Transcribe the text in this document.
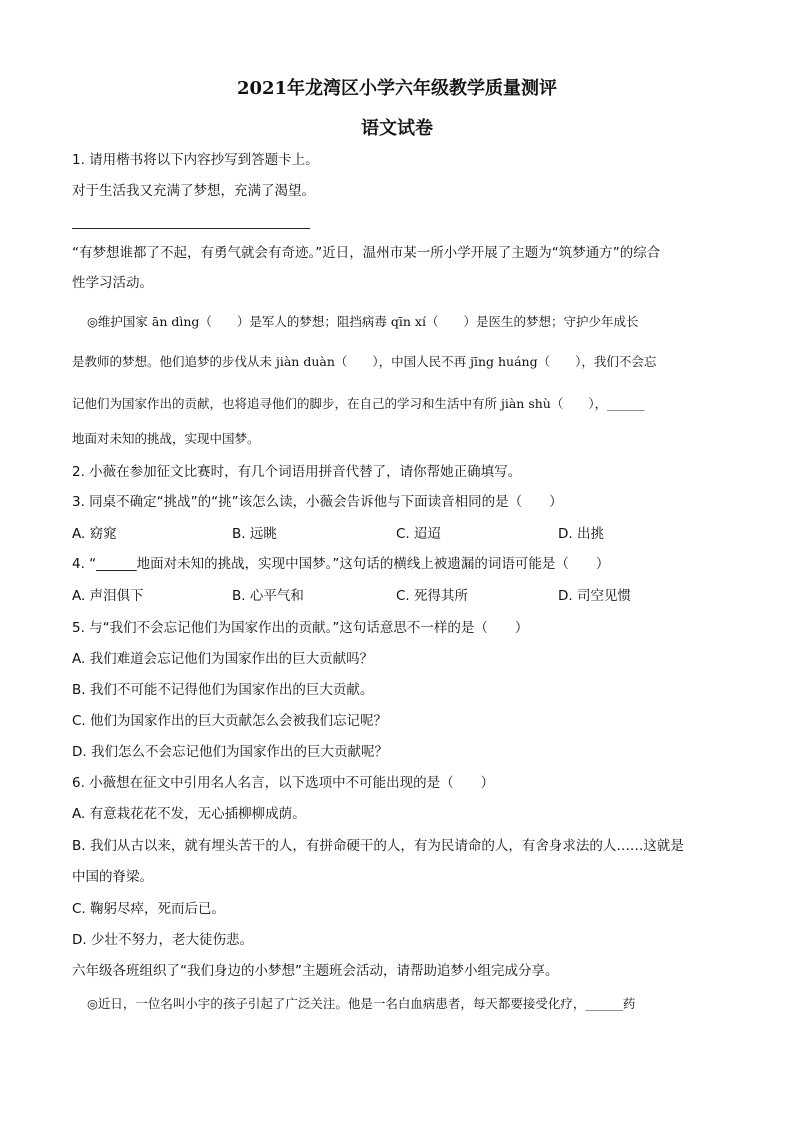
2021年龙湾区小学六年级教学质量测评
语文试卷
1. 请用楷书将以下内容抄写到答题卡上。
对于生活我又充满了梦想，充满了渴望。
“有梦想谁都了不起，有勇气就会有奇迹。”近日，温州市某一所小学开展了主题为“筑梦通方”的综合
性学习活动。
◎维护国家 ān dìng（　　）是军人的梦想；阻挡病毒 qīn xí（　　）是医生的梦想；守护少年成长
是教师的梦想。他们追梦的步伐从未 jiàn duàn（　　），中国人民不再 jīng huáng（　　），我们不会忘
记他们为国家作出的贡献，也将追寻他们的脚步，在自己的学习和生活中有所 jiàn shù（　　），______
地面对未知的挑战，实现中国梦。
2. 小薇在参加征文比赛时，有几个词语用拼音代替了，请你帮她正确填写。
3. 同桌不确定“挑战”的“挑”该怎么读，小薇会告诉他与下面读音相同的是（　　）
A. 窈窕	B. 远眺	C. 迢迢	D. 出挑
4. “______地面对未知的挑战，实现中国梦。”这句话的横线上被遗漏的词语可能是（　　）
A. 声泪俱下	B. 心平气和	C. 死得其所	D. 司空见惯
5. 与“我们不会忘记他们为国家作出的贡献。”这句话意思不一样的是（　　）
A. 我们难道会忘记他们为国家作出的巨大贡献吗？
B. 我们不可能不记得他们为国家作出的巨大贡献。
C. 他们为国家作出的巨大贡献怎么会被我们忘记呢？
D. 我们怎么不会忘记他们为国家作出的巨大贡献呢？
6. 小薇想在征文中引用名人名言，以下选项中不可能出现的是（　　）
A. 有意栽花花不发，无心插柳柳成荫。
B. 我们从古以来，就有埋头苦干的人，有拼命硬干的人，有为民请命的人，有舍身求法的人……这就是
中国的脊梁。
C. 鞠躬尽瘁，死而后已。
D. 少壮不努力，老大徒伤悲。
六年级各班组织了“我们身边的小梦想”主题班会活动，请帮助追梦小组完成分享。
◎近日，一位名叫小宇的孩子引起了广泛关注。他是一名白血病患者，每天都要接受化疗，______药
